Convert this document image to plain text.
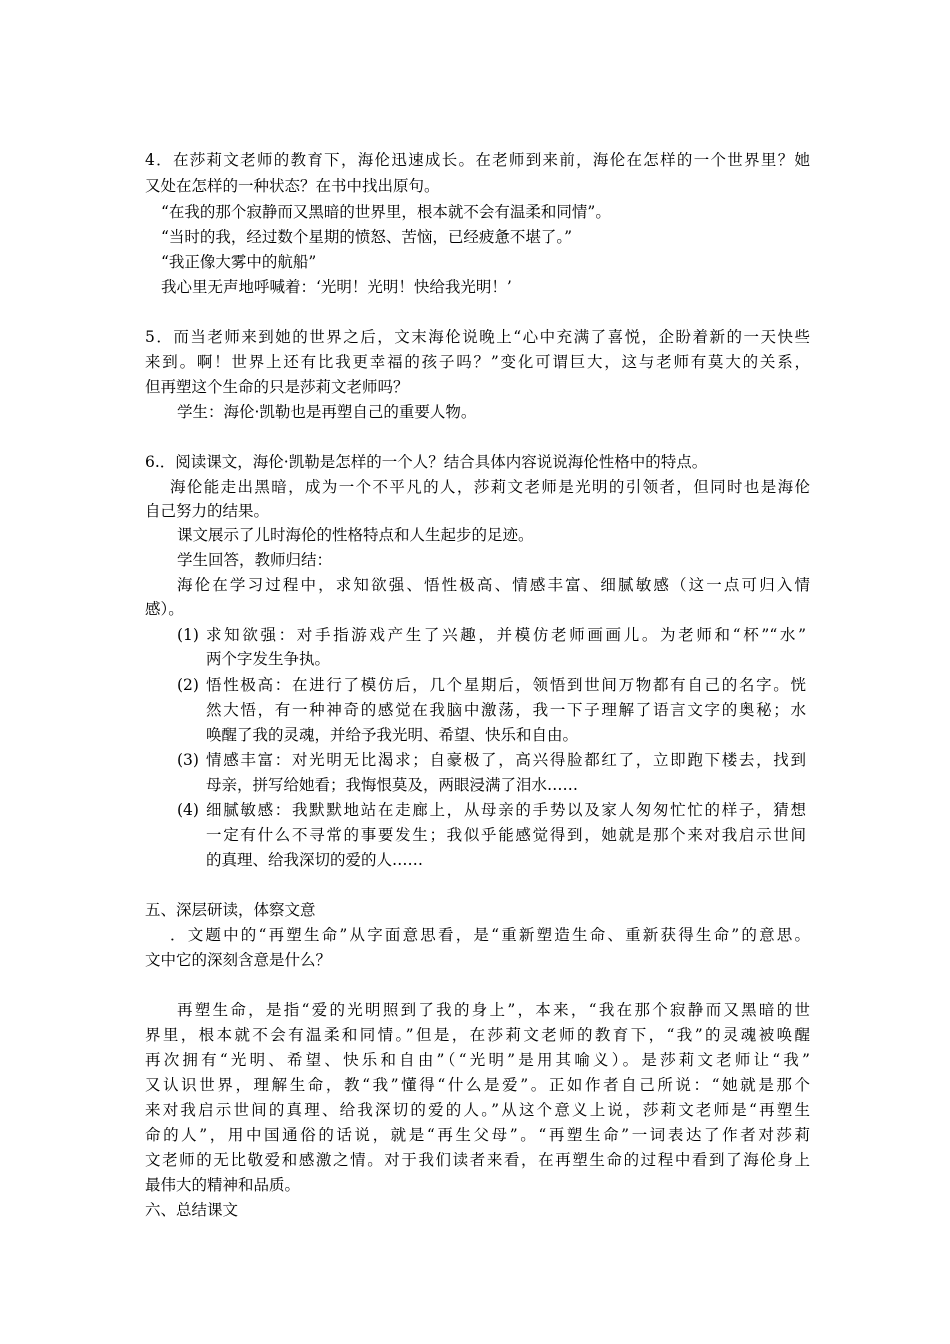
4．在莎莉文老师的教育下，海伦迅速成长。在老师到来前，海伦在怎样的一个世界里？她
又处在怎样的一种状态？在书中找出原句。
“在我的那个寂静而又黑暗的世界里，根本就不会有温柔和同情”。
“当时的我，经过数个星期的愤怒、苦恼，已经疲惫不堪了。”
“我正像大雾中的航船”
我心里无声地呼喊着：‘光明！光明！快给我光明！’
5．而当老师来到她的世界之后，文末海伦说晚上“心中充满了喜悦，企盼着新的一天快些
来到。啊！世界上还有比我更幸福的孩子吗？”变化可谓巨大，这与老师有莫大的关系，
但再塑这个生命的只是莎莉文老师吗？
学生：海伦·凯勒也是再塑自己的重要人物。
6.．阅读课文，海伦·凯勒是怎样的一个人？结合具体内容说说海伦性格中的特点。
海伦能走出黑暗，成为一个不平凡的人，莎莉文老师是光明的引领者，但同时也是海伦
自己努力的结果。
课文展示了儿时海伦的性格特点和人生起步的足迹。
学生回答，教师归结：
海伦在学习过程中，求知欲强、悟性极高、情感丰富、细腻敏感（这一点可归入情
感）。
(1) 求知欲强：对手指游戏产生了兴趣，并模仿老师画画儿。为老师和“杯”“水”
两个字发生争执。
(2) 悟性极高：在进行了模仿后，几个星期后，领悟到世间万物都有自己的名字。恍
然大悟，有一种神奇的感觉在我脑中激荡，我一下子理解了语言文字的奥秘；水
唤醒了我的灵魂，并给予我光明、希望、快乐和自由。
(3) 情感丰富：对光明无比渴求；自豪极了，高兴得脸都红了，立即跑下楼去，找到
母亲，拼写给她看；我悔恨莫及，两眼浸满了泪水……
(4) 细腻敏感：我默默地站在走廊上，从母亲的手势以及家人匆匆忙忙的样子，猜想
一定有什么不寻常的事要发生；我似乎能感觉得到，她就是那个来对我启示世间
的真理、给我深切的爱的人……
五、深层研读，体察文意
．文题中的“再塑生命”从字面意思看，是“重新塑造生命、重新获得生命”的意思。
文中它的深刻含意是什么？
再塑生命，是指“爱的光明照到了我的身上”，本来，“我在那个寂静而又黑暗的世
界里，根本就不会有温柔和同情。”但是，在莎莉文老师的教育下，“我”的灵魂被唤醒
再次拥有“光明、希望、快乐和自由”（“光明”是用其喻义）。是莎莉文老师让“我”
又认识世界，理解生命，教“我”懂得“什么是爱”。正如作者自己所说：“她就是那个
来对我启示世间的真理、给我深切的爱的人。”从这个意义上说，莎莉文老师是“再塑生
命的人”，用中国通俗的话说，就是“再生父母”。“再塑生命”一词表达了作者对莎莉
文老师的无比敬爱和感激之情。对于我们读者来看，在再塑生命的过程中看到了海伦身上
最伟大的精神和品质。
六、总结课文
